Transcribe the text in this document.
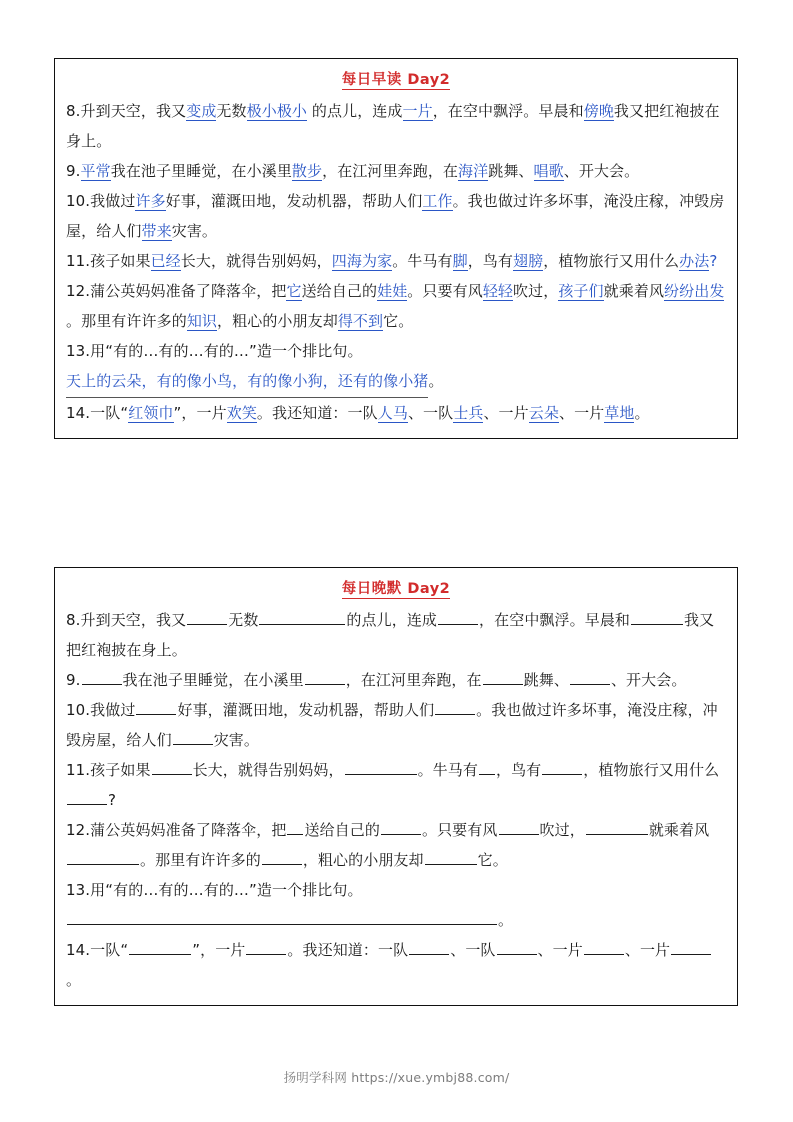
每日早读 Day2

8.升到天空，我又变成无数极小极小 的点儿，连成一片，在空中飘浮。早晨和傍晚我又把红袍披在身上。

9.平常我在池子里睡觉，在小溪里散步，在江河里奔跑，在海洋跳舞、唱歌、开大会。

10.我做过许多好事，灌溉田地，发动机器，帮助人们工作。我也做过许多坏事，淹没庄稼，冲毁房屋，给人们带来灾害。

11.孩子如果已经长大，就得告别妈妈，四海为家。牛马有脚，鸟有翅膀，植物旅行又用什么办法?

12.蒲公英妈妈准备了降落伞，把它送给自己的娃娃。只要有风轻轻吹过，孩子们就乘着风纷纷出发 。那里有许许多的知识，粗心的小朋友却得不到它。

13.用“有的…有的…有的…”造一个排比句。

天上的云朵，有的像小鸟，有的像小狗，还有的像小猪。

14.一队“红领巾”，一片欢笑。我还知道：一队人马、一队士兵、一片云朵、一片草地。

每日晚默 Day2

8.升到天空，我又	无数	的点儿，连成	，在空中飘浮。早晨和	我又把红袍披在身上。

9.	我在池子里睡觉，在小溪里	，在江河里奔跑，在	跳舞、	、开大会。

10.我做过	好事，灌溉田地，发动机器，帮助人们	。我也做过许多坏事，淹没庄稼，冲毁房屋，给人们	灾害。

11.孩子如果	长大，就得告别妈妈，	。牛马有 ，鸟有	，植物旅行又用什么?

12.蒲公英妈妈准备了降落伞，把 送给自己的	。只要有风	吹过，	就乘着风。那里有许许多的	，粗心的小朋友却	它。

13.用“有的…有的…有的…”造一个排比句。

。

14.一队“	”，一片	。我还知道：一队	、一队	、一片	、一片。

扬明学科网 https://xue.ymbj88.com/
